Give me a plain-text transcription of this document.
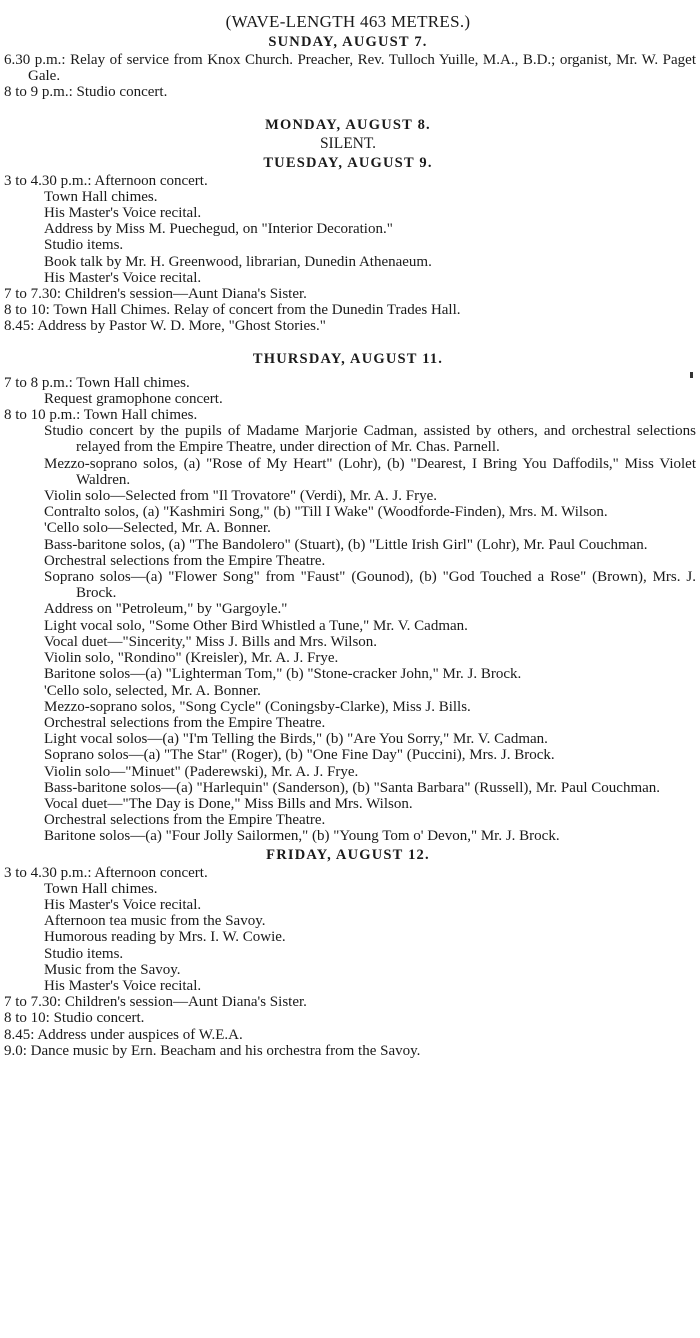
(WAVE-LENGTH 463 METRES.)
SUNDAY, AUGUST 7.
6.30 p.m.: Relay of service from Knox Church. Preacher, Rev. Tulloch Yuille, M.A., B.D.; organist, Mr. W. Paget Gale.
8 to 9 p.m.: Studio concert.
MONDAY, AUGUST 8.
SILENT.
TUESDAY, AUGUST 9.
3 to 4.30 p.m.: Afternoon concert.
Town Hall chimes.
His Master's Voice recital.
Address by Miss M. Puechegud, on "Interior Decoration."
Studio items.
Book talk by Mr. H. Greenwood, librarian, Dunedin Athenaeum.
His Master's Voice recital.
7 to 7.30: Children's session—Aunt Diana's Sister.
8 to 10: Town Hall Chimes. Relay of concert from the Dunedin Trades Hall.
8.45: Address by Pastor W. D. More, "Ghost Stories."
THURSDAY, AUGUST 11.
7 to 8 p.m.: Town Hall chimes.
Request gramophone concert.
8 to 10 p.m.: Town Hall chimes.
Studio concert by the pupils of Madame Marjorie Cadman, assisted by others, and orchestral selections relayed from the Empire Theatre, under direction of Mr. Chas. Parnell.
Mezzo-soprano solos, (a) "Rose of My Heart" (Lohr), (b) "Dearest, I Bring You Daffodils," Miss Violet Waldren.
Violin solo—Selected from "Il Trovatore" (Verdi), Mr. A. J. Frye.
Contralto solos, (a) "Kashmiri Song," (b) "Till I Wake" (Woodforde-Finden), Mrs. M. Wilson.
'Cello solo—Selected, Mr. A. Bonner.
Bass-baritone solos, (a) "The Bandolero" (Stuart), (b) "Little Irish Girl" (Lohr), Mr. Paul Couchman.
Orchestral selections from the Empire Theatre.
Soprano solos—(a) "Flower Song" from "Faust" (Gounod), (b) "God Touched a Rose" (Brown), Mrs. J. Brock.
Address on "Petroleum," by "Gargoyle."
Light vocal solo, "Some Other Bird Whistled a Tune," Mr. V. Cadman.
Vocal duet—"Sincerity," Miss J. Bills and Mrs. Wilson.
Violin solo, "Rondino" (Kreisler), Mr. A. J. Frye.
Baritone solos—(a) "Lighterman Tom," (b) "Stone-cracker John," Mr. J. Brock.
'Cello solo, selected, Mr. A. Bonner.
Mezzo-soprano solos, "Song Cycle" (Coningsby-Clarke), Miss J. Bills.
Orchestral selections from the Empire Theatre.
Light vocal solos—(a) "I'm Telling the Birds," (b) "Are You Sorry," Mr. V. Cadman.
Soprano solos—(a) "The Star" (Roger), (b) "One Fine Day" (Puccini), Mrs. J. Brock.
Violin solo—"Minuet" (Paderewski), Mr. A. J. Frye.
Bass-baritone solos—(a) "Harlequin" (Sanderson), (b) "Santa Barbara" (Russell), Mr. Paul Couchman.
Vocal duet—"The Day is Done," Miss Bills and Mrs. Wilson.
Orchestral selections from the Empire Theatre.
Baritone solos—(a) "Four Jolly Sailormen," (b) "Young Tom o' Devon," Mr. J. Brock.
FRIDAY, AUGUST 12.
3 to 4.30 p.m.: Afternoon concert.
Town Hall chimes.
His Master's Voice recital.
Afternoon tea music from the Savoy.
Humorous reading by Mrs. I. W. Cowie.
Studio items.
Music from the Savoy.
His Master's Voice recital.
7 to 7.30: Children's session—Aunt Diana's Sister.
8 to 10: Studio concert.
8.45: Address under auspices of W.E.A.
9.0: Dance music by Ern. Beacham and his orchestra from the Savoy.
